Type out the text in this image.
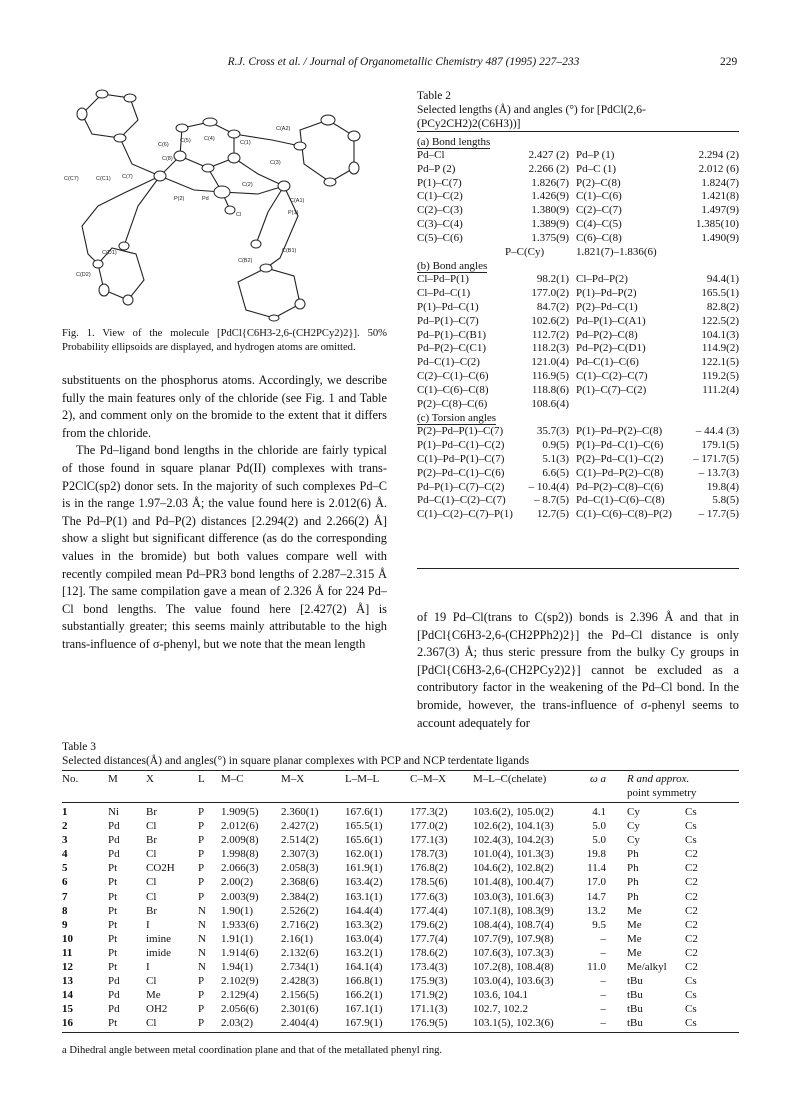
R.J. Cross et al. / Journal of Organometallic Chemistry 487 (1995) 227–233	229
C(A2)
C(5) C(4)
C(3)
C(6)
C(8)
C(1)
C(7)
C(2)
C(A1)
C(C1)
P(2)	Pd
P(1)
Cl
C(D1)	C(B1)
C(D2)
C(B2)
C(C7)
Fig. 1. View of the molecule [PdCl{C6H3-2,6-(CH2PCy2)2}]. 50% Probability ellipsoids are displayed, and hydrogen atoms are omitted.

substituents on the phosphorus atoms. Accordingly, we describe fully the main features only of the chloride (see Fig. 1 and Table 2), and comment only on the bromide to the extent that it differs from the chloride.

The Pd–ligand bond lengths in the chloride are fairly typical of those found in square planar Pd(II) complexes with trans-P2ClC(sp2) donor sets. In the majority of such complexes Pd–C is in the range 1.97–2.03 Å; the value found here is 2.012(6) Å. The Pd–P(1) and Pd–P(2) distances [2.294(2) and 2.266(2) Å] show a slight but significant difference (as do the corresponding values in the bromide) but both values compare well with recently compiled mean Pd–PR3 bond lengths of 2.287–2.315 Å [12]. The same compilation gave a mean of 2.326 Å for 224 Pd–Cl bond lengths. The value found here [2.427(2) Å] is substantially greater; this seems mainly attributable to the high trans-influence of σ-phenyl, but we note that the mean length

Table 2
Selected lengths (Å) and angles (°) for [PdCl(2,6-(PCy2CH2)2(C6H3))]
(a) Bond lengths
Pd–Cl	2.427 (2) Pd–P (1)	2.294 (2)
Pd–P (2)	2.266 (2) Pd–C (1)	2.012 (6)
P(1)–C(7)	1.826(7) P(2)–C(8)	1.824(7)
C(1)–C(2)	1.426(9) C(1)–C(6)	1.421(8)
C(2)–C(3)	1.380(9) C(2)–C(7)	1.497(9)
C(3)–C(4)	1.389(9) C(4)–C(5)	1.385(10)
C(5)–C(6)	1.375(9) C(6)–C(8)	1.490(9)
P–C(Cy)	1.821(7)–1.836(6)
(b) Bond angles
Cl–Pd–P(1)	98.2(1) Cl–Pd–P(2)	94.4(1)
Cl–Pd–C(1)	177.0(2) P(1)–Pd–P(2)	165.5(1)
P(1)–Pd–C(1)	84.7(2) P(2)–Pd–C(1)	82.8(2)
Pd–P(1)–C(7)	102.6(2) Pd–P(1)–C(A1)	122.5(2)
Pd–P(1)–C(B1)	112.7(2) Pd–P(2)–C(8)	104.1(3)
Pd–P(2)–C(C1)	118.2(3) Pd–P(2)–C(D1)	114.9(2)
Pd–C(1)–C(2)	121.0(4) Pd–C(1)–C(6)	122.1(5)
C(2)–C(1)–C(6)	116.9(5) C(1)–C(2)–C(7)	119.2(5)
C(1)–C(6)–C(8)	118.8(6) P(1)–C(7)–C(2)	111.2(4)
P(2)–C(8)–C(6)	108.6(4)
(c) Torsion angles
P(2)–Pd–P(1)–C(7)	35.7(3) P(1)–Pd–P(2)–C(8)	– 44.4 (3)
P(1)–Pd–C(1)–C(2)	0.9(5) P(1)–Pd–C(1)–C(6)	179.1(5)
C(1)–Pd–P(1)–C(7)	5.1(3) P(2)–Pd–C(1)–C(2)	– 171.7(5)
P(2)–Pd–C(1)–C(6)	6.6(5) C(1)–Pd–P(2)–C(8)	– 13.7(3)
Pd–P(1)–C(7)–C(2)	– 10.4(4) Pd–P(2)–C(8)–C(6)	19.8(4)
Pd–C(1)–C(2)–C(7)	– 8.7(5) Pd–C(1)–C(6)–C(8)	5.8(5)
C(1)–C(2)–C(7)–P(1)	12.7(5) C(1)–C(6)–C(8)–P(2)	– 17.7(5)
of 19 Pd–Cl(trans to C(sp2)) bonds is 2.396 Å and that in [PdCl{C6H3-2,6-(CH2PPh2)2}] the Pd–Cl distance is only 2.367(3) Å; thus steric pressure from the bulky Cy groups in [PdCl{C6H3-2,6-(CH2PCy2)2}] cannot be excluded as a contributory factor in the weakening of the Pd–Cl bond. In the bromide, however, the trans-influence of σ-phenyl seems to account adequately for
Table 3
Selected distances(Å) and angles(°) in square planar complexes with PCP and NCP terdentate ligands
No.	M	X	L M–C	M–X	L–M–L	C–M–X M–L–C(chelate)	ω a R and approx.
point symmetry
1	Ni Br	P 1.909(5) 2.360(1) 167.6(1) 177.3(2) 103.6(2), 105.0(2)	4.1 Cy	Cs
2	Pd Cl	P 2.012(6) 2.427(2) 165.5(1) 177.0(2) 102.6(2), 104.1(3)	5.0 Cy	Cs
3	Pd Br	P 2.009(8) 2.514(2) 165.6(1) 177.1(3) 102.4(3), 104.2(3)	5.0 Cy	Cs
4	Pd Cl	P 1.998(8) 2.307(3) 162.0(1) 178.7(3) 101.0(4), 101.3(3)	19.8 Ph	C2
5	Pt	CO2H P 2.066(3) 2.058(3) 161.9(1) 176.8(2) 104.6(2), 102.8(2)	11.4 Ph	C2
6	Pt	Cl	P 2.00(2)	2.368(6) 163.4(2) 178.5(6) 101.4(8), 100.4(7)	17.0 Ph	C2
7	Pt	Cl	P 2.003(9) 2.384(2) 163.1(1) 177.6(3) 103.0(3), 101.6(3)	14.7 Ph	C2
8	Pt	Br	N 1.90(1)	2.526(2) 164.4(4) 177.4(4) 107.1(8), 108.3(9)	13.2 Me	C2
9	Pt	I	N 1.933(6) 2.716(2) 163.3(2) 179.6(2) 108.4(4), 108.7(4)	9.5 Me	C2
10	Pt	imine N 1.91(1)	2.16(1)	163.0(4) 177.7(4) 107.7(9), 107.9(8)	– Me	C2
11	Pt	imide N 1.914(6) 2.132(6) 163.2(1) 178.6(2) 107.6(3), 107.3(3)	– Me	C2
12	Pt	I	N 1.94(1)	2.734(1) 164.1(4) 173.4(3) 107.2(8), 108.4(8)	11.0 Me/alkyl C2
13	Pd Cl	P 2.102(9) 2.428(3) 166.8(1) 175.9(3) 103.0(4), 103.6(3)	– tBu	Cs
14	Pd Me	P 2.129(4) 2.156(5) 166.2(1) 171.9(2) 103.6, 104.1	– tBu	Cs
15	Pd OH2	P 2.056(6) 2.301(6) 167.1(1) 171.1(3) 102.7, 102.2	– tBu	Cs
16	Pt	Cl	P 2.03(2)	2.404(4) 167.9(1) 176.9(5) 103.1(5), 102.3(6)	– tBu	Cs
a Dihedral angle between metal coordination plane and that of the metallated phenyl ring.
